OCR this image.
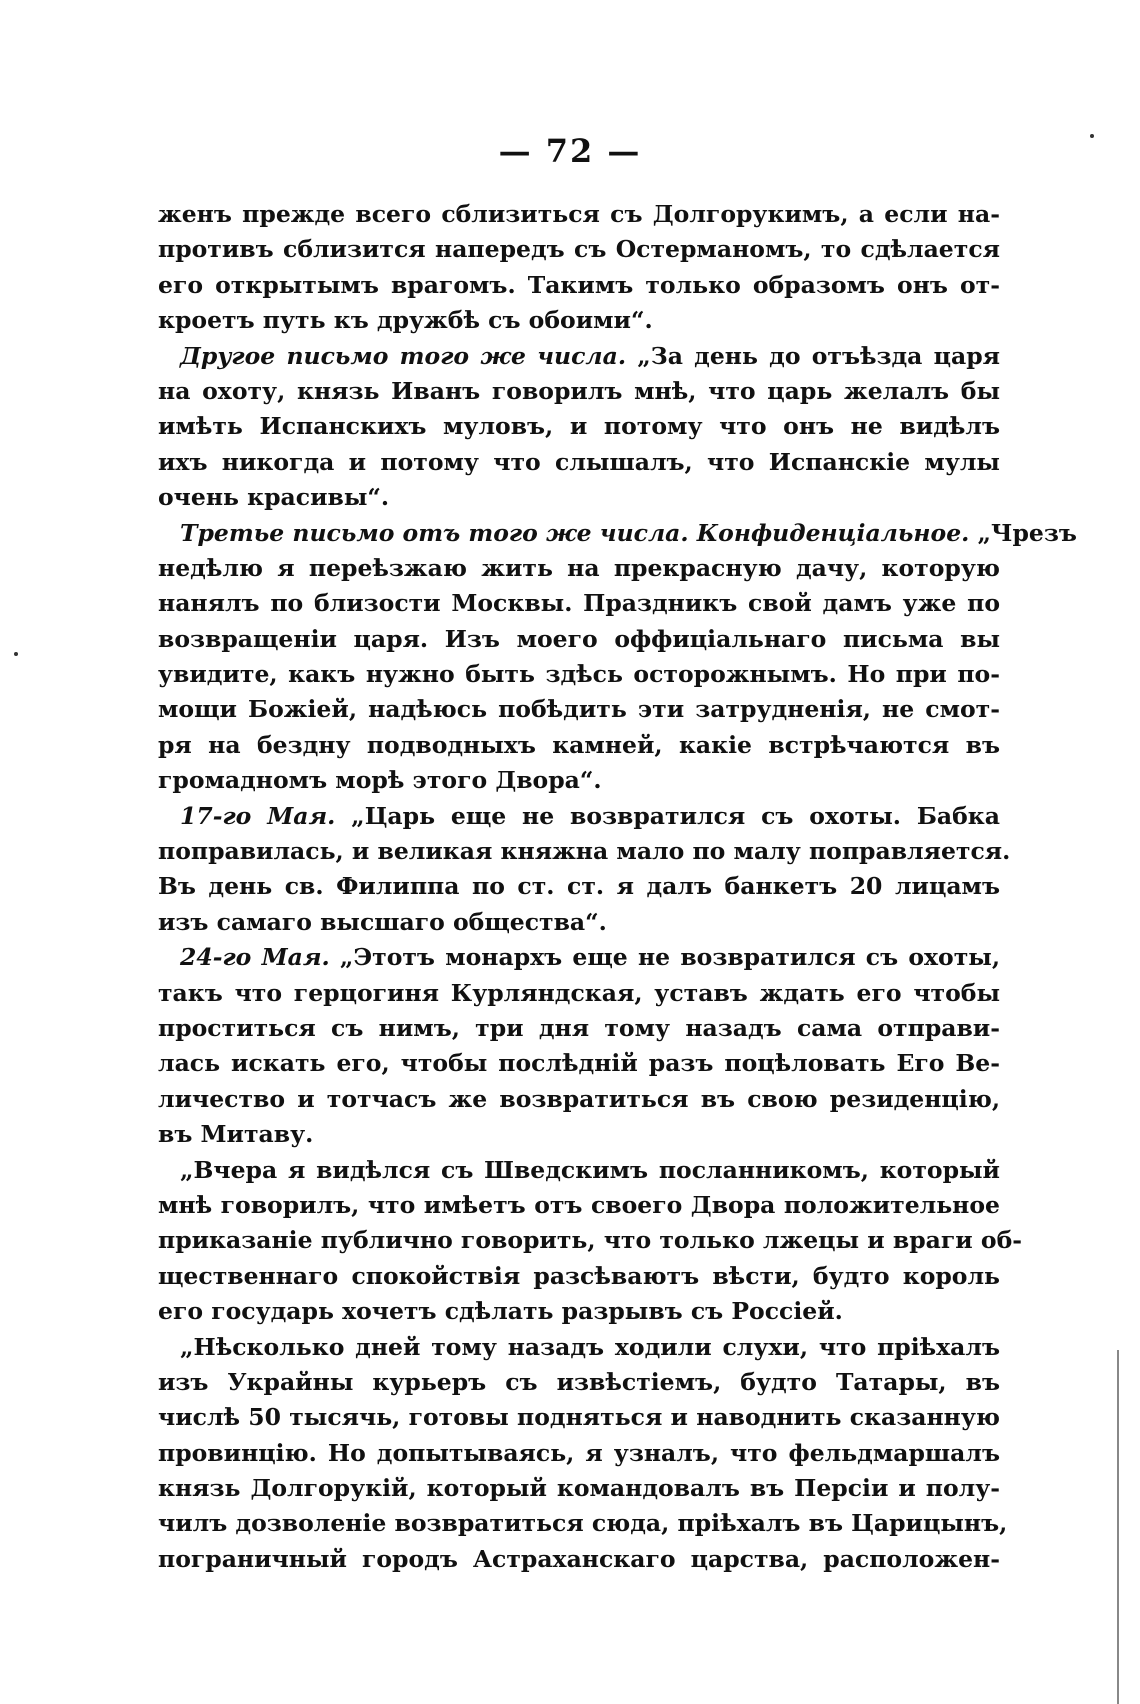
— 72 —
женъ прежде всего сблизиться съ Долгорукимъ, а если на-
противъ сблизится напередъ съ Остерманомъ, то сдѣлается
его открытымъ врагомъ. Такимъ только образомъ онъ от-
кроетъ путь къ дружбѣ съ обоими“.
Другое письмо того же числа. „За день до отъѣзда царя
на охоту, князь Иванъ говорилъ мнѣ, что царь желалъ бы
имѣть Испанскихъ муловъ, и потому что онъ не видѣлъ
ихъ никогда и потому что слышалъ, что Испанскіе мулы
очень красивы“.
Третье письмо отъ того же числа. Конфиденціальное. „Чрезъ
недѣлю я переѣзжаю жить на прекрасную дачу, которую
нанялъ по близости Москвы. Праздникъ свой дамъ уже по
возвращеніи царя. Изъ моего оффиціальнаго письма вы
увидите, какъ нужно быть здѣсь осторожнымъ. Но при по-
мощи Божіей, надѣюсь побѣдить эти затрудненія, не смот-
ря на бездну подводныхъ камней, какіе встрѣчаются въ
громадномъ морѣ этого Двора“.
17-го Мая. „Царь еще не возвратился съ охоты. Бабка
поправилась, и великая княжна мало по малу поправляется.
Въ день св. Филиппа по ст. ст. я далъ банкетъ 20 лицамъ
изъ самаго высшаго общества“.
24-го Мая. „Этотъ монархъ еще не возвратился съ охоты,
такъ что герцогиня Курляндская, уставъ ждать его чтобы
проститься съ нимъ, три дня тому назадъ сама отправи-
лась искать его, чтобы послѣдній разъ поцѣловать Его Ве-
личество и тотчасъ же возвратиться въ свою резиденцію,
въ Митаву.
„Вчера я видѣлся съ Шведскимъ посланникомъ, который
мнѣ говорилъ, что имѣетъ отъ своего Двора положительное
приказаніе публично говорить, что только лжецы и враги об-
щественнаго спокойствія разсѣваютъ вѣсти, будто король
его государь хочетъ сдѣлать разрывъ съ Россіей.
„Нѣсколько дней тому назадъ ходили слухи, что пріѣхалъ
изъ Украйны курьеръ съ извѣстіемъ, будто Татары, въ
числѣ 50 тысячь, готовы подняться и наводнить сказанную
провинцію. Но допытываясь, я узналъ, что фельдмаршалъ
князь Долгорукій, который командовалъ въ Персіи и полу-
чилъ дозволеніе возвратиться сюда, пріѣхалъ въ Царицынъ,
пограничный городъ Астраханскаго царства, расположен-
